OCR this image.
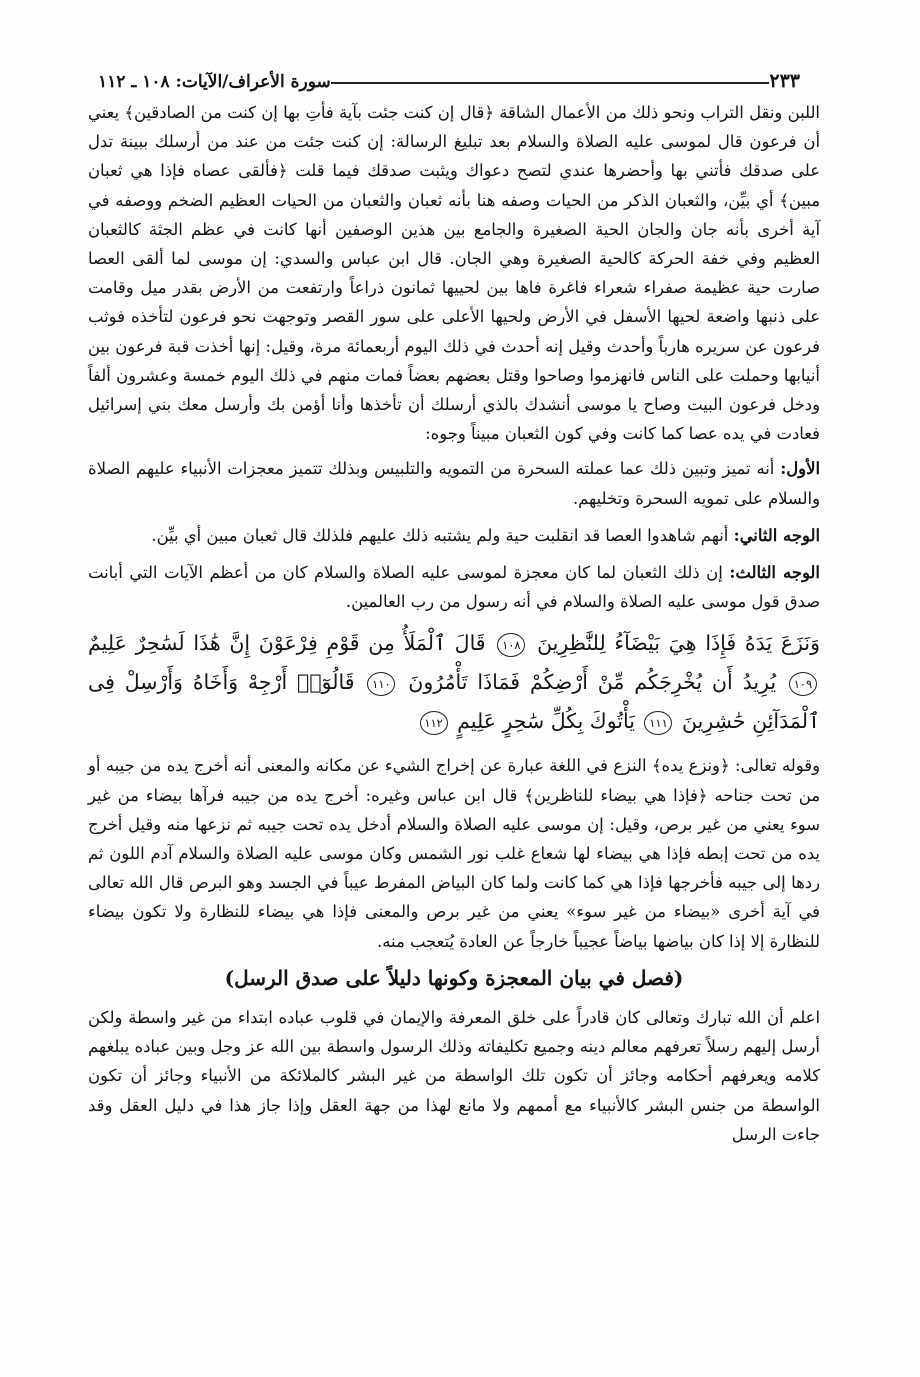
٢٣٣
سورة الأعراف/الآيات: ١٠٨ ـ ١١٢

اللبن ونقل التراب ونحو ذلك من الأعمال الشاقة ﴿قال إن كنت جئت بآية فأتِ بها إن كنت من الصادقين﴾ يعني أن فرعون قال لموسى عليه الصلاة والسلام بعد تبليغ الرسالة: إن كنت جئت من عند من أرسلك ببينة تدل على صدقك فأتني بها وأحضرها عندي لتصح دعواك ويثبت صدقك فيما قلت ﴿فألقى عصاه فإذا هي ثعبان مبين﴾ أي بيِّن، والثعبان الذكر من الحيات وصفه هنا بأنه ثعبان والثعبان من الحيات العظيم الضخم ووصفه في آية أخرى بأنه جان والجان الحية الصغيرة والجامع بين هذين الوصفين أنها كانت في عظم الجثة كالثعبان العظيم وفي خفة الحركة كالحية الصغيرة وهي الجان. قال ابن عباس والسدي: إن موسى لما ألقى العصا صارت حية عظيمة صفراء شعراء فاغرة فاها بين لحييها ثمانون ذراعاً وارتفعت من الأرض بقدر ميل وقامت على ذنبها واضعة لحيها الأسفل في الأرض ولحيها الأعلى على سور القصر وتوجهت نحو فرعون لتأخذه فوثب فرعون عن سريره هارباً وأحدث وقيل إنه أحدث في ذلك اليوم أربعمائة مرة، وقيل: إنها أخذت قبة فرعون بين أنيابها وحملت على الناس فانهزموا وصاحوا وقتل بعضهم بعضاً فمات منهم في ذلك اليوم خمسة وعشرون ألفاً ودخل فرعون البيت وصاح يا موسى أنشدك بالذي أرسلك أن تأخذها وأنا أؤمن بك وأرسل معك بني إسرائيل فعادت في يده عصا كما كانت وفي كون الثعبان مبيناً وجوه:

الأول: أنه تميز وتبين ذلك عما عملته السحرة من التمويه والتلبيس وبذلك تتميز معجزات الأنبياء عليهم الصلاة والسلام على تمويه السحرة وتخليهم.

الوجه الثاني: أنهم شاهدوا العصا قد انقلبت حية ولم يشتبه ذلك عليهم فلذلك قال ثعبان مبين أي بيِّن.

الوجه الثالث: إن ذلك الثعبان لما كان معجزة لموسى عليه الصلاة والسلام كان من أعظم الآيات التي أبانت صدق قول موسى عليه الصلاة والسلام في أنه رسول من رب العالمين.

وَنَزَعَ يَدَهُ فَإِذَا هِيَ بَيْضَآءُ لِلنَّٰظِرِينَ ١٠٨ قَالَ ٱلْمَلَأُ مِن قَوْمِ فِرْعَوْنَ إِنَّ هَٰذَا لَسَٰحِرٌ عَلِيمٌ ١٠٩ يُرِيدُ أَن يُخْرِجَكُم مِّنْ أَرْضِكُمْ فَمَاذَا تَأْمُرُونَ ١١٠ قَالُوٓا۟ أَرْجِهْ وَأَخَاهُ وَأَرْسِلْ فِى ٱلْمَدَآئِنِ حَٰشِرِينَ ١١١ يَأْتُوكَ بِكُلِّ سَٰحِرٍ عَلِيمٍ ١١٢

وقوله تعالى: ﴿ونزع يده﴾ النزع في اللغة عبارة عن إخراج الشيء عن مكانه والمعنى أنه أخرج يده من جيبه أو من تحت جناحه ﴿فإذا هي بيضاء للناظرين﴾ قال ابن عباس وغيره: أخرج يده من جيبه فرآها بيضاء من غير سوء يعني من غير برص، وقيل: إن موسى عليه الصلاة والسلام أدخل يده تحت جيبه ثم نزعها منه وقيل أخرج يده من تحت إبطه فإذا هي بيضاء لها شعاع غلب نور الشمس وكان موسى عليه الصلاة والسلام آدم اللون ثم ردها إلى جيبه فأخرجها فإذا هي كما كانت ولما كان البياض المفرط عيباً في الجسد وهو البرص قال الله تعالى في آية أخرى «بيضاء من غير سوء» يعني من غير برص والمعنى فإذا هي بيضاء للنظارة ولا تكون بيضاء للنظارة إلا إذا كان بياضها بياضاً عجيباً خارجاً عن العادة يُتعجب منه.

(فصل في بيان المعجزة وكونها دليلاً على صدق الرسل)

اعلم أن الله تبارك وتعالى كان قادراً على خلق المعرفة والإيمان في قلوب عباده ابتداء من غير واسطة ولكن أرسل إليهم رسلاً تعرفهم معالم دينه وجميع تكليفاته وذلك الرسول واسطة بين الله عز وجل وبين عباده يبلغهم كلامه ويعرفهم أحكامه وجائز أن تكون تلك الواسطة من غير البشر كالملائكة من الأنبياء وجائز أن تكون الواسطة من جنس البشر كالأنبياء مع أممهم ولا مانع لهذا من جهة العقل وإذا جاز هذا في دليل العقل وقد جاءت الرسل
